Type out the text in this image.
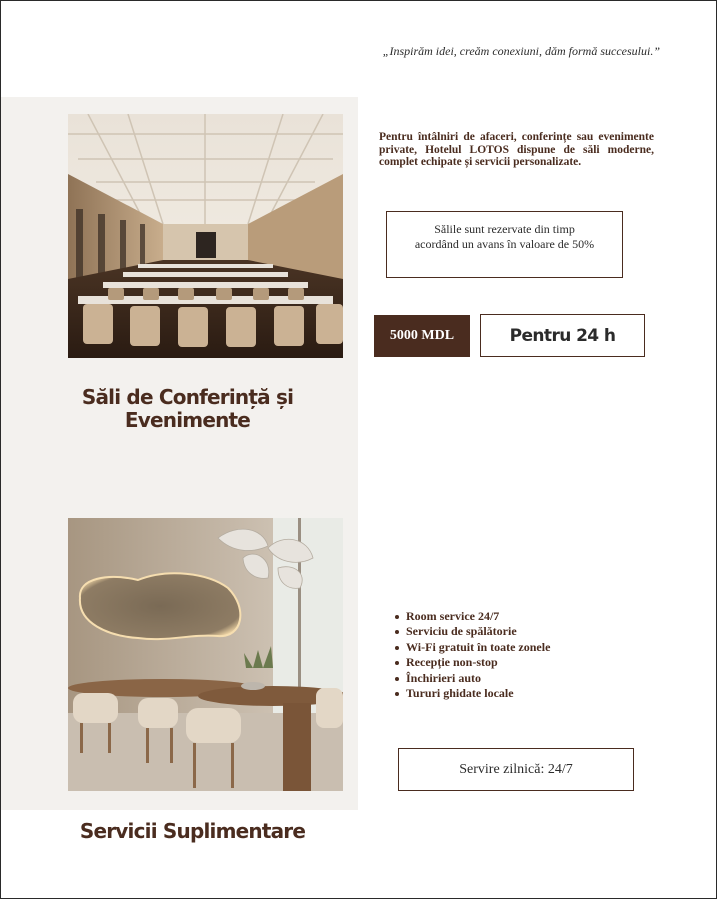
„Inspirăm idei, creăm conexiuni, dăm formă succesului.”
Săli de Conferință și Evenimente
Pentru întâlniri de afaceri, conferințe sau evenimente private, Hotelul LOTOS dispune de săli moderne, complet echipate și servicii personalizate.
Sălile sunt rezervate din timp acordând un avans în valoare de 50%
5000 MDL	Pentru 24 h
Room service 24/7
Serviciu de spălătorie
Wi-Fi gratuit în toate zonele
Recepție non-stop
Închirieri auto
Tururi ghidate locale
Servire zilnică: 24/7
Servicii Suplimentare
